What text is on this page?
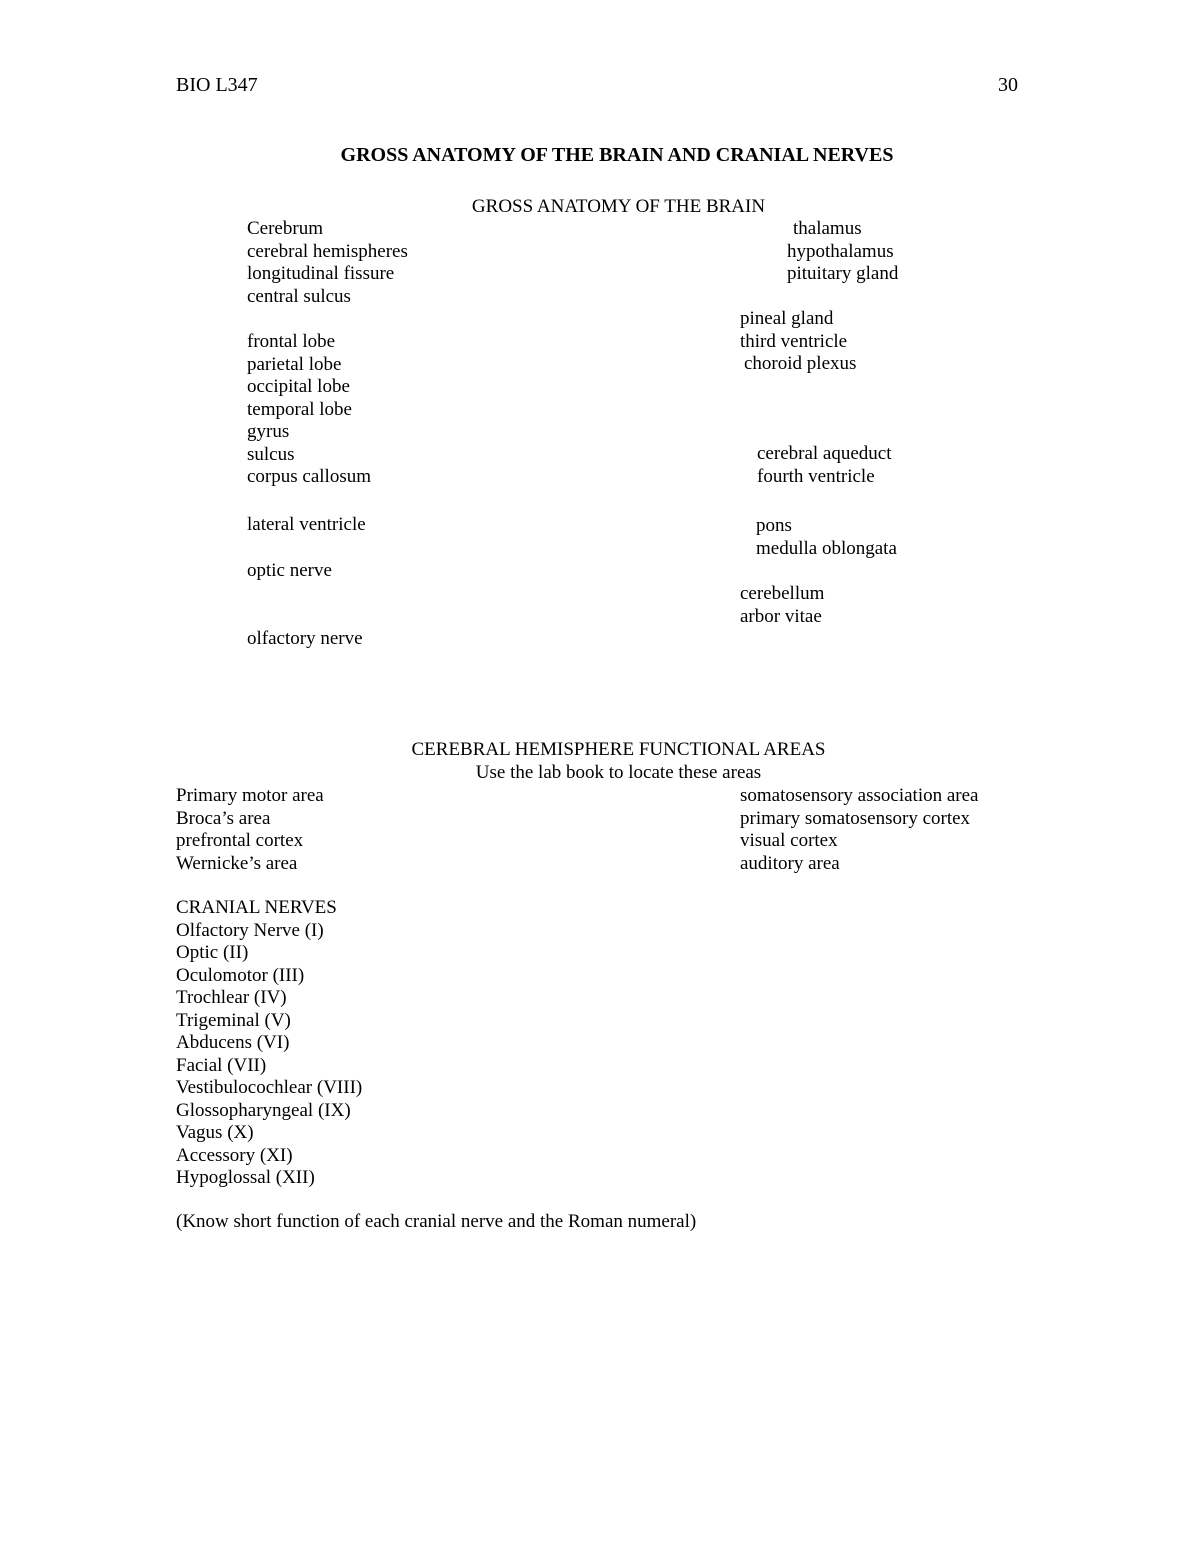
BIO L347	30
GROSS ANATOMY OF THE BRAIN AND CRANIAL NERVES
GROSS ANATOMY OF THE BRAIN
Cerebrum
cerebral hemispheres
longitudinal fissure
central sulcus
frontal lobe
parietal lobe
occipital lobe
temporal lobe
gyrus
sulcus
corpus callosum
lateral ventricle
optic nerve
olfactory nerve
thalamus
hypothalamus
pituitary gland
pineal gland
third ventricle
choroid plexus
cerebral aqueduct
fourth ventricle
pons
medulla oblongata
cerebellum
arbor vitae
CEREBRAL HEMISPHERE FUNCTIONAL AREAS
Use the lab book to locate these areas
Primary motor area
Broca’s area
prefrontal cortex
Wernicke’s area
somatosensory association area
primary somatosensory cortex
visual cortex
auditory area
CRANIAL NERVES
Olfactory Nerve (I)
Optic (II)
Oculomotor (III)
Trochlear (IV)
Trigeminal (V)
Abducens (VI)
Facial (VII)
Vestibulocochlear (VIII)
Glossopharyngeal (IX)
Vagus (X)
Accessory (XI)
Hypoglossal (XII)
(Know short function of each cranial nerve and the Roman numeral)
